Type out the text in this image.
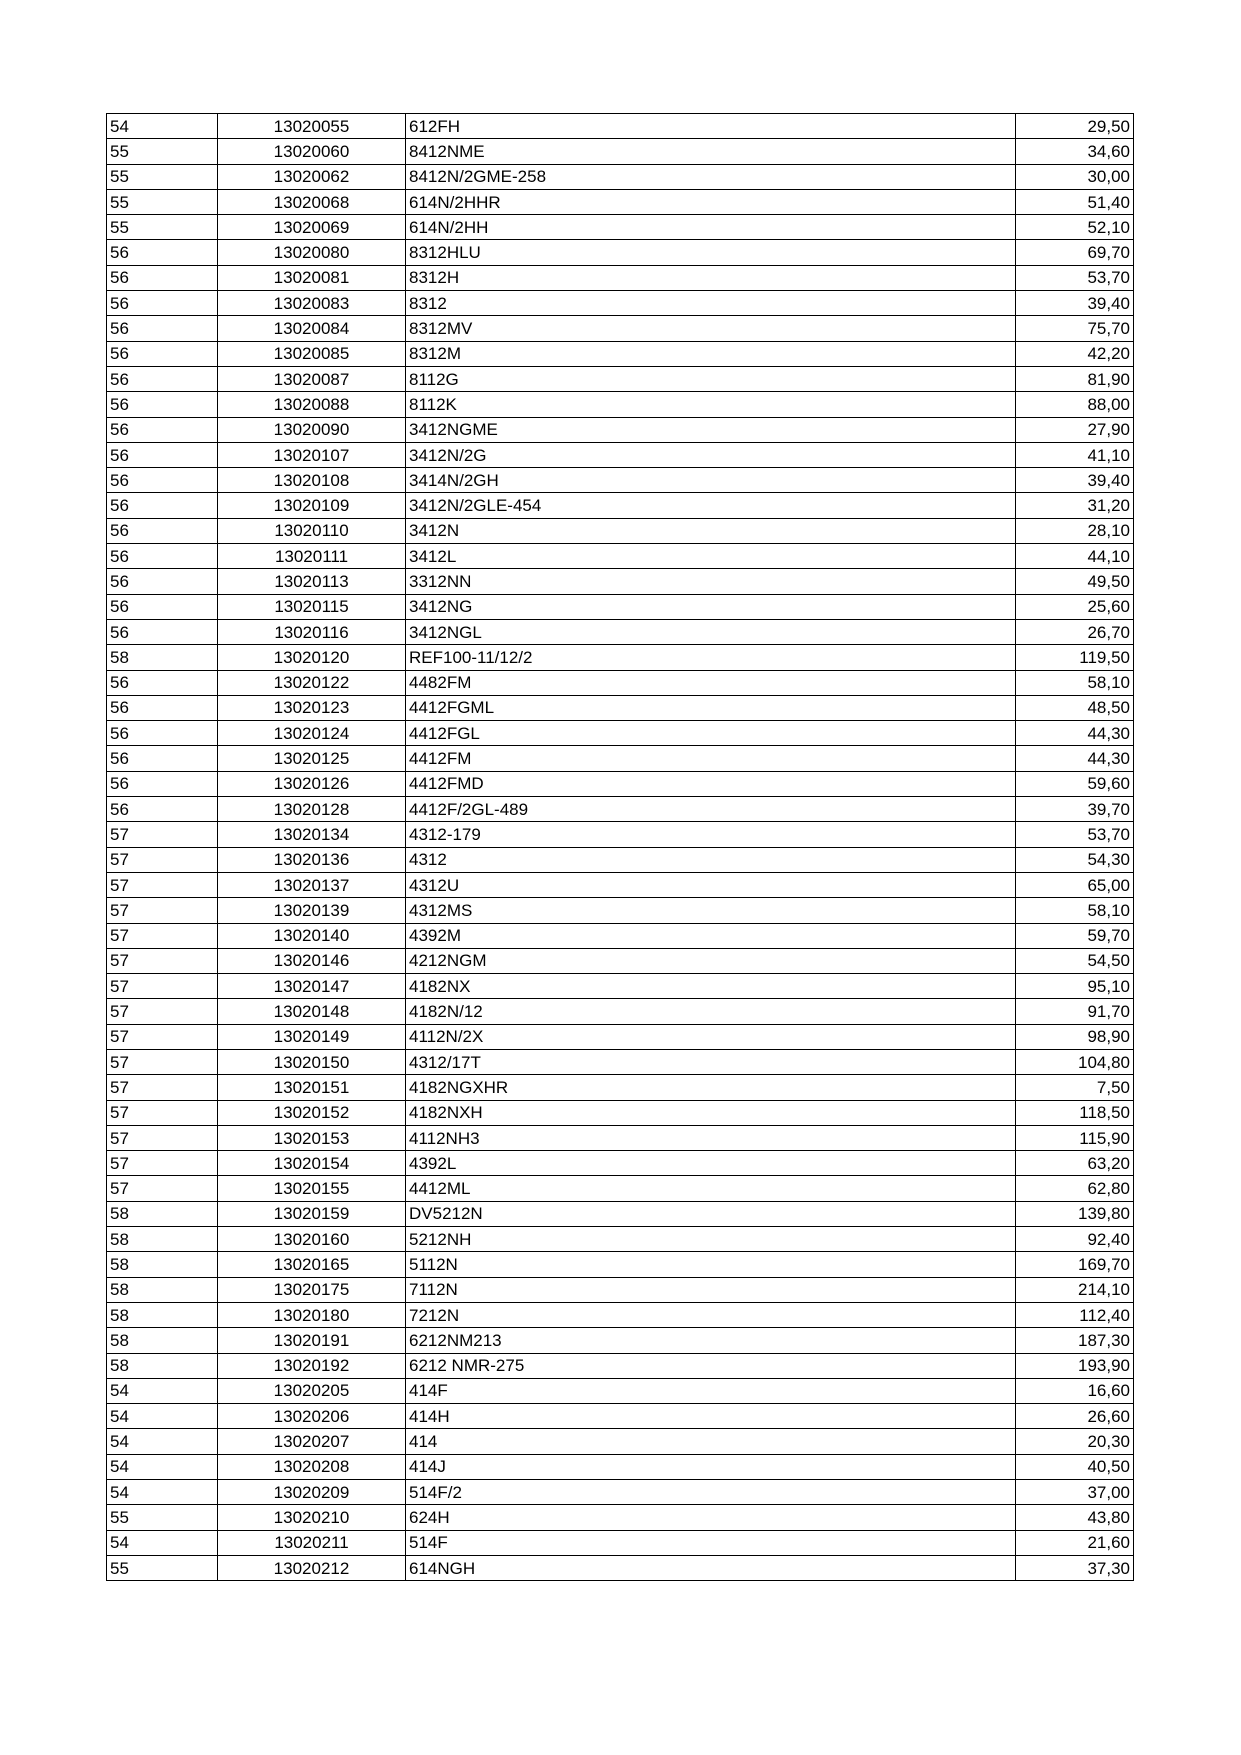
54	13020055	612FH	29,50
55	13020060	8412NME	34,60
55	13020062	8412N/2GME-258	30,00
55	13020068	614N/2HHR	51,40
55	13020069	614N/2HH	52,10
56	13020080	8312HLU	69,70
56	13020081	8312H	53,70
56	13020083	8312	39,40
56	13020084	8312MV	75,70
56	13020085	8312M	42,20
56	13020087	8112G	81,90
56	13020088	8112K	88,00
56	13020090	3412NGME	27,90
56	13020107	3412N/2G	41,10
56	13020108	3414N/2GH	39,40
56	13020109	3412N/2GLE-454	31,20
56	13020110	3412N	28,10
56	13020111	3412L	44,10
56	13020113	3312NN	49,50
56	13020115	3412NG	25,60
56	13020116	3412NGL	26,70
58	13020120	REF100-11/12/2	119,50
56	13020122	4482FM	58,10
56	13020123	4412FGML	48,50
56	13020124	4412FGL	44,30
56	13020125	4412FM	44,30
56	13020126	4412FMD	59,60
56	13020128	4412F/2GL-489	39,70
57	13020134	4312-179	53,70
57	13020136	4312	54,30
57	13020137	4312U	65,00
57	13020139	4312MS	58,10
57	13020140	4392M	59,70
57	13020146	4212NGM	54,50
57	13020147	4182NX	95,10
57	13020148	4182N/12	91,70
57	13020149	4112N/2X	98,90
57	13020150	4312/17T	104,80
57	13020151	4182NGXHR	7,50
57	13020152	4182NXH	118,50
57	13020153	4112NH3	115,90
57	13020154	4392L	63,20
57	13020155	4412ML	62,80
58	13020159	DV5212N	139,80
58	13020160	5212NH	92,40
58	13020165	5112N	169,70
58	13020175	7112N	214,10
58	13020180	7212N	112,40
58	13020191	6212NM213	187,30
58	13020192	6212 NMR-275	193,90
54	13020205	414F	16,60
54	13020206	414H	26,60
54	13020207	414	20,30
54	13020208	414J	40,50
54	13020209	514F/2	37,00
55	13020210	624H	43,80
54	13020211	514F	21,60
55	13020212	614NGH	37,30
